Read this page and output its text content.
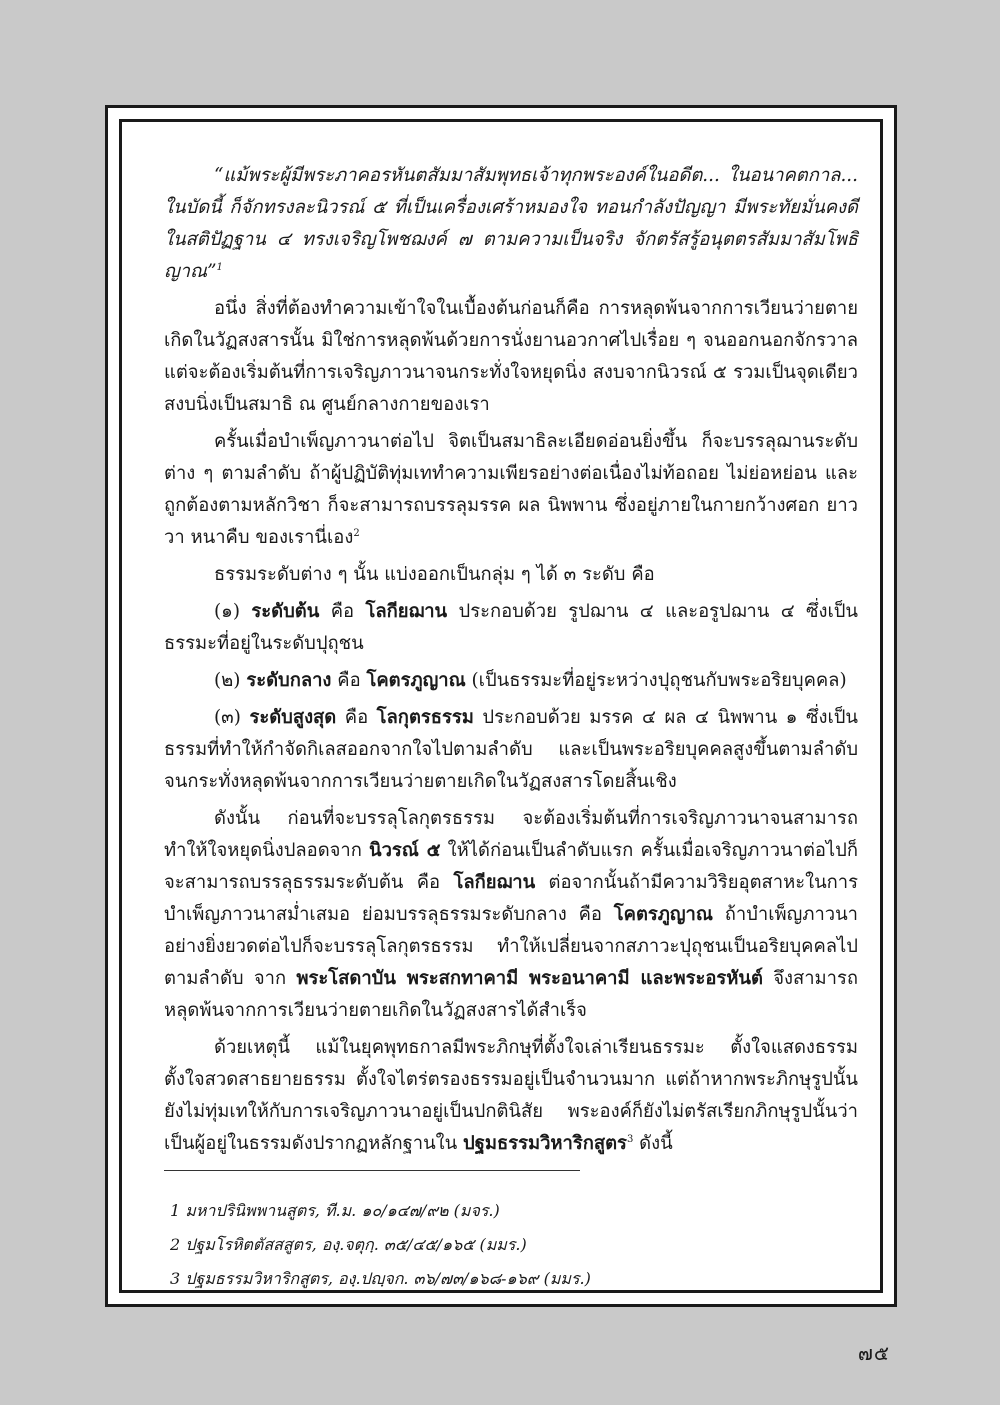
“แม้พระผู้มีพระภาคอรหันตสัมมาสัมพุทธเจ้าทุกพระองค์ในอดีต... ในอนาคตกาล... ในบัดนี้ ก็จักทรงละนิวรณ์ ๕ ที่เป็นเครื่องเศร้าหมองใจ ทอนกำลังปัญญา มีพระทัยมั่นคงดีในสติปัฏฐาน ๔ ทรงเจริญโพชฌงค์ ๗ ตามความเป็นจริง จักตรัสรู้อนุตตรสัมมาสัมโพธิญาณ”$^1$

อนึ่ง สิ่งที่ต้องทำความเข้าใจในเบื้องต้นก่อนก็คือ การหลุดพ้นจากการเวียนว่ายตายเกิดในวัฏสงสารนั้น มิใช่การหลุดพ้นด้วยการนั่งยานอวกาศไปเรื่อย ๆ จนออกนอกจักรวาล แต่จะต้องเริ่มต้นที่การเจริญภาวนาจนกระทั่งใจหยุดนิ่ง สงบจากนิวรณ์ ๕ รวมเป็นจุดเดียว สงบนิ่งเป็นสมาธิ ณ ศูนย์กลางกายของเรา

ครั้นเมื่อบำเพ็ญภาวนาต่อไป จิตเป็นสมาธิละเอียดอ่อนยิ่งขึ้น ก็จะบรรลุฌานระดับต่าง ๆ ตามลำดับ ถ้าผู้ปฏิบัติทุ่มเททำความเพียรอย่างต่อเนื่องไม่ท้อถอย ไม่ย่อหย่อน และถูกต้องตามหลักวิชา ก็จะสามารถบรรลุมรรค ผล นิพพาน ซึ่งอยู่ภายในกายกว้างศอก ยาววา หนาคืบ ของเรานี่เอง$^2$

ธรรมระดับต่าง ๆ นั้น แบ่งออกเป็นกลุ่ม ๆ ได้ ๓ ระดับ คือ

(๑) ระดับต้น คือ โลกียฌาน ประกอบด้วย รูปฌาน ๔ และอรูปฌาน ๔ ซึ่งเป็นธรรมะที่อยู่ในระดับปุถุชน

(๒) ระดับกลาง คือ โคตรภูญาณ (เป็นธรรมะที่อยู่ระหว่างปุถุชนกับพระอริยบุคคล)

(๓) ระดับสูงสุด คือ โลกุตรธรรม ประกอบด้วย มรรค ๔ ผล ๔ นิพพาน ๑ ซึ่งเป็นธรรมที่ทำให้กำจัดกิเลสออกจากใจไปตามลำดับ และเป็นพระอริยบุคคลสูงขึ้นตามลำดับ จนกระทั่งหลุดพ้นจากการเวียนว่ายตายเกิดในวัฏสงสารโดยสิ้นเชิง

ดังนั้น ก่อนที่จะบรรลุโลกุตรธรรม จะต้องเริ่มต้นที่การเจริญภาวนาจนสามารถทำให้ใจหยุดนิ่งปลอดจาก นิวรณ์ ๕ ให้ได้ก่อนเป็นลำดับแรก ครั้นเมื่อเจริญภาวนาต่อไปก็จะสามารถบรรลุธรรมระดับต้น คือ โลกียฌาน ต่อจากนั้นถ้ามีความวิริยอุตสาหะในการบำเพ็ญภาวนาสม่ำเสมอ ย่อมบรรลุธรรมระดับกลาง คือ โคตรภูญาณ ถ้าบำเพ็ญภาวนาอย่างยิ่งยวดต่อไปก็จะบรรลุโลกุตรธรรม ทำให้เปลี่ยนจากสภาวะปุถุชนเป็นอริยบุคคลไปตามลำดับ จาก พระโสดาบัน พระสกทาคามี พระอนาคามี และพระอรหันต์ จึงสามารถหลุดพ้นจากการเวียนว่ายตายเกิดในวัฏสงสารได้สำเร็จ

ด้วยเหตุนี้ แม้ในยุคพุทธกาลมีพระภิกษุที่ตั้งใจเล่าเรียนธรรมะ ตั้งใจแสดงธรรม ตั้งใจสวดสาธยายธรรม ตั้งใจไตร่ตรองธรรมอยู่เป็นจำนวนมาก แต่ถ้าหากพระภิกษุรูปนั้นยังไม่ทุ่มเทให้กับการเจริญภาวนาอยู่เป็นปกตินิสัย พระองค์ก็ยังไม่ตรัสเรียกภิกษุรูปนั้นว่าเป็นผู้อยู่ในธรรมดังปรากฏหลักฐานใน ปฐมธรรมวิหาริกสูตร$^3$ ดังนี้

1 มหาปรินิพพานสูตร, ที.ม. ๑๐/๑๔๗/๙๒ (มจร.)
2 ปฐมโรหิตตัสสสูตร, องฺ.จตุกฺ. ๓๕/๔๕/๑๖๕ (มมร.)
3 ปฐมธรรมวิหาริกสูตร, องฺ.ปญฺจก. ๓๖/๗๓/๑๖๘-๑๖๙ (มมร.)
๗๕
